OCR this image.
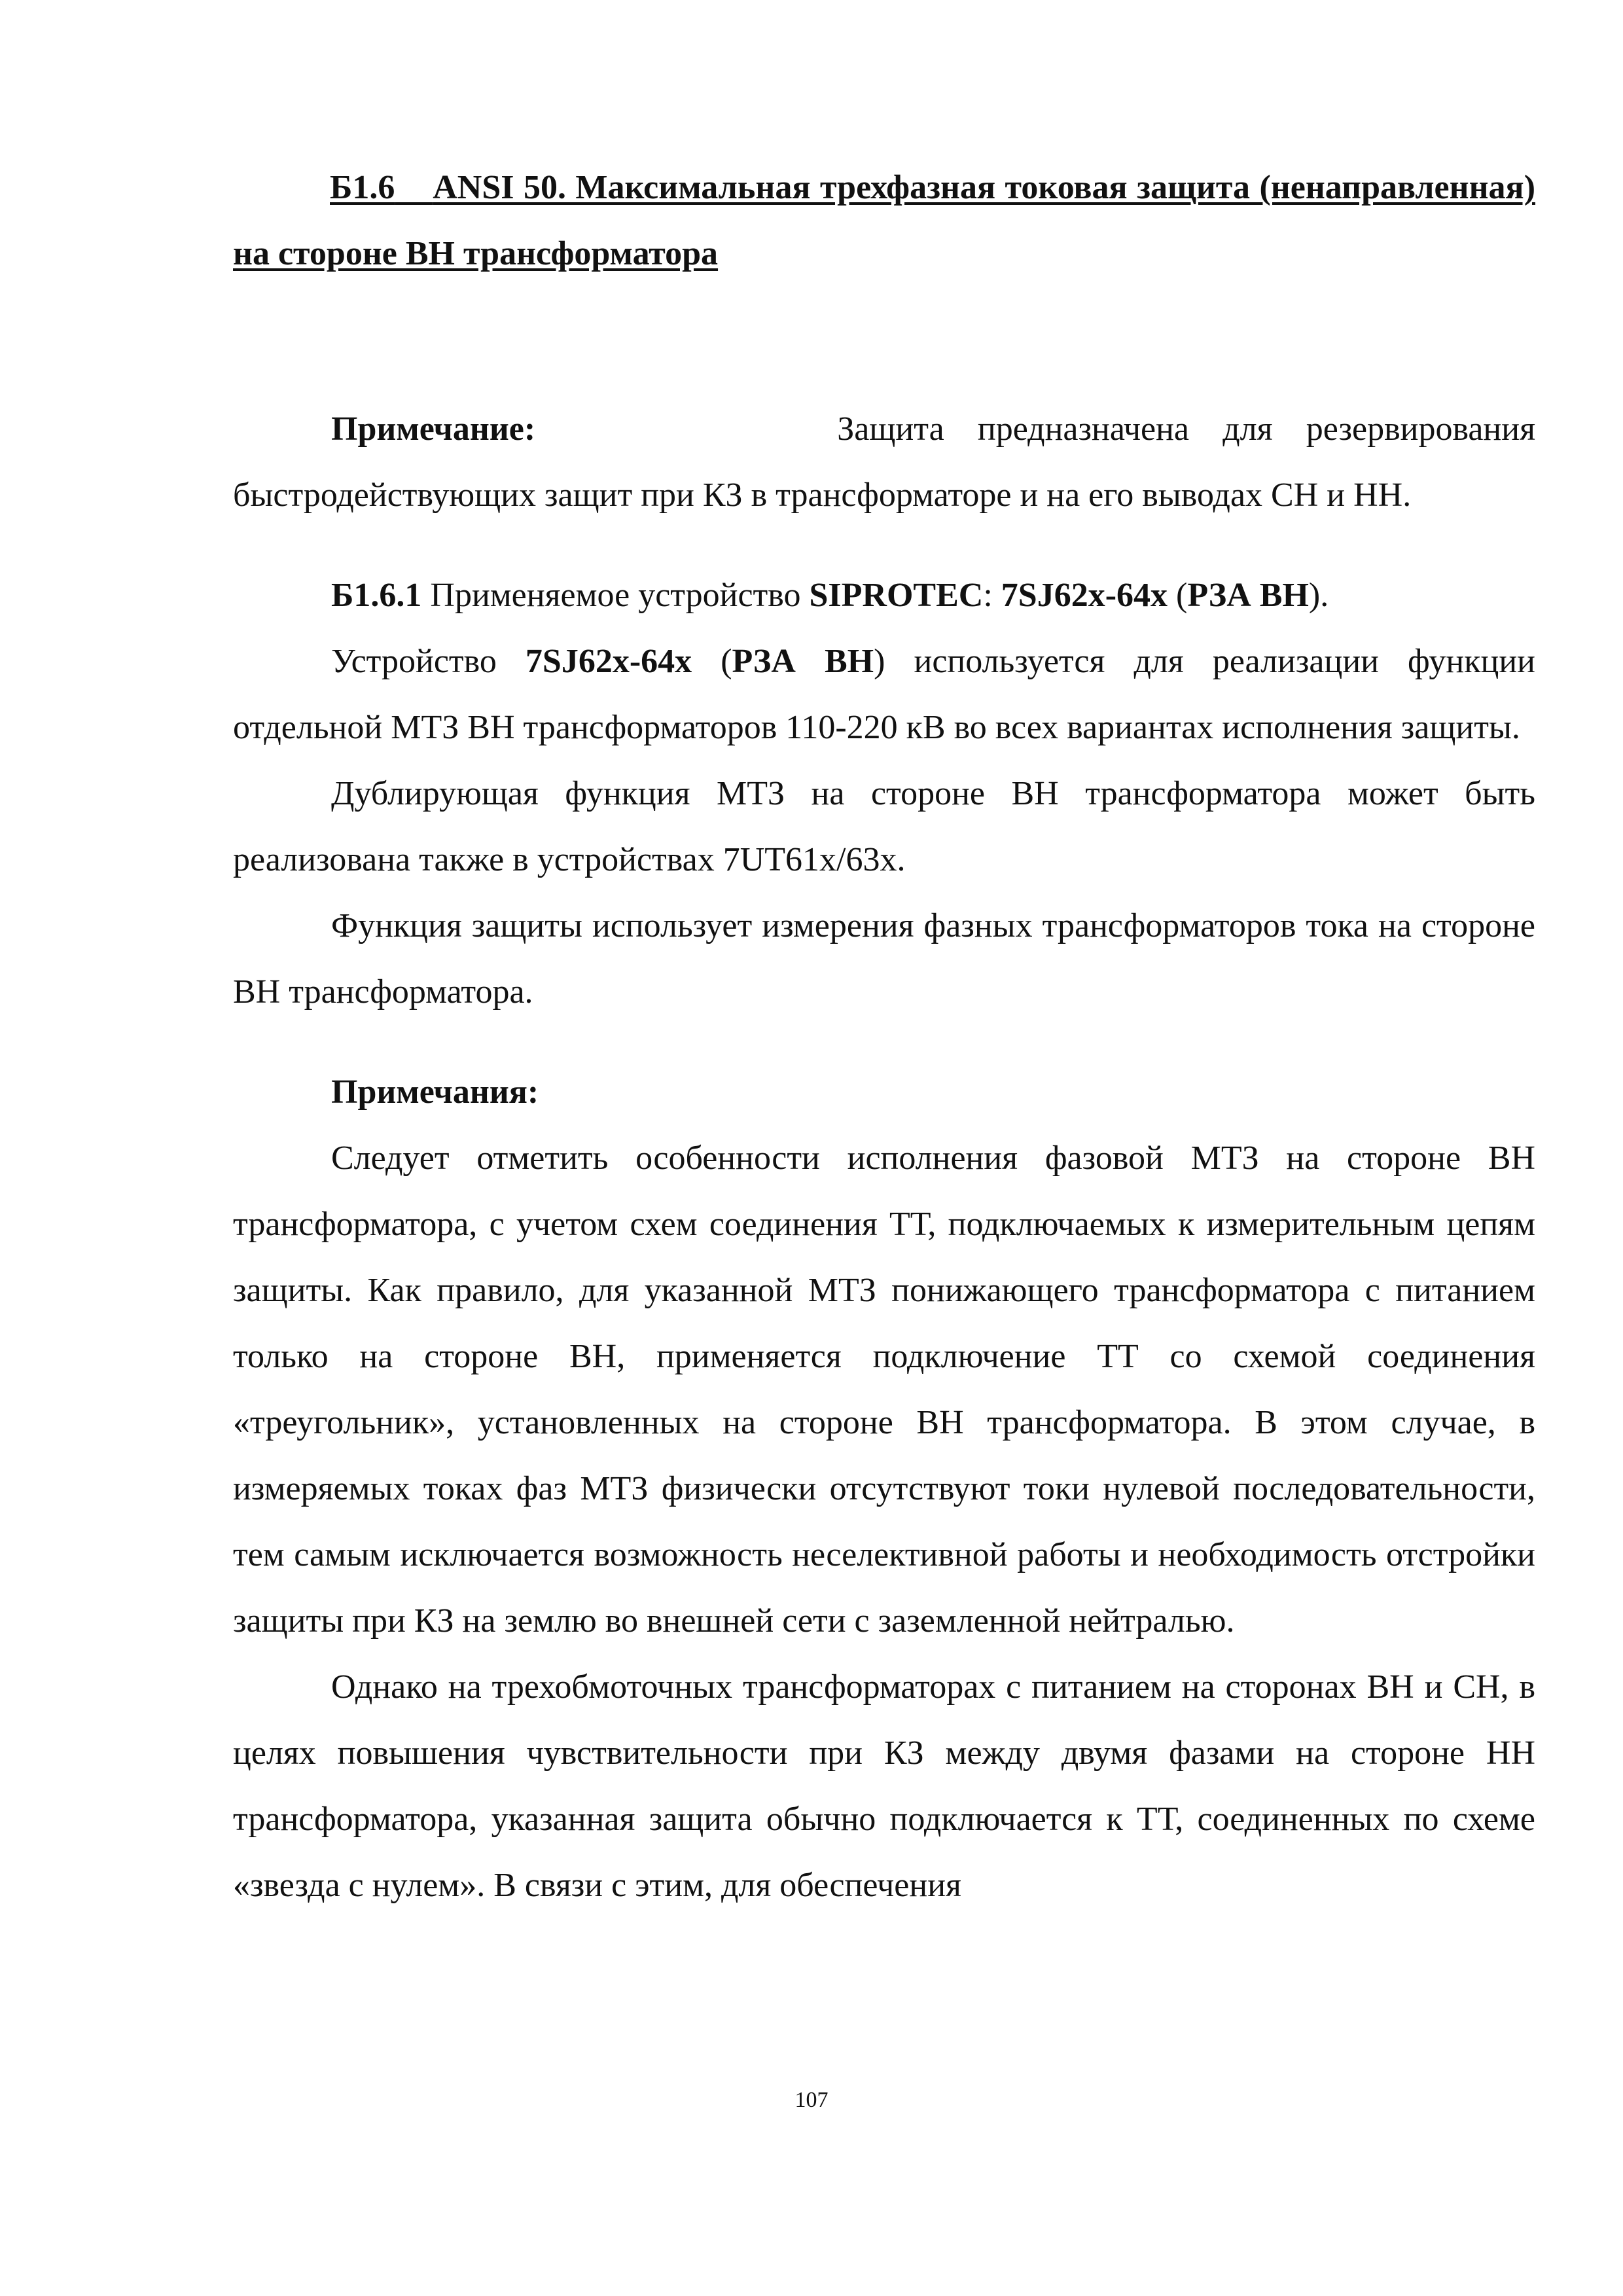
Б1.6 ANSI 50. Максимальная трехфазная токовая защита (ненаправленная) на стороне ВН трансформатора

Примечание:	Защита предназначена для резервирования быстродействующих защит при КЗ в трансформаторе и на его выводах СН и НН.

Б1.6.1 Применяемое устройство SIPROTEC: 7SJ62x-64x (РЗА ВН).

Устройство 7SJ62x-64x (РЗА ВН) используется для реализации функции отдельной МТЗ ВН трансформаторов 110-220 кВ во всех вариантах исполнения защиты.

Дублирующая функция МТЗ на стороне ВН трансформатора может быть реализована также в устройствах 7UT61x/63x.

Функция защиты использует измерения фазных трансформаторов тока на стороне ВН трансформатора.

Примечания:

Следует отметить особенности исполнения фазовой МТЗ на стороне ВН трансформатора, с учетом схем соединения ТТ, подключаемых к измерительным цепям защиты. Как правило, для указанной МТЗ понижающего трансформатора с питанием только на стороне ВН, применяется подключение ТТ со схемой соединения «треугольник», установленных на стороне ВН трансформатора. В этом случае, в измеряемых токах фаз МТЗ физически отсутствуют токи нулевой последовательности, тем самым исключается возможность неселективной работы и необходимость отстройки защиты при КЗ на землю во внешней сети с заземленной нейтралью.

Однако на трехобмоточных трансформаторах с питанием на сторонах ВН и СН, в целях повышения чувствительности при КЗ между двумя фазами на стороне НН трансформатора, указанная защита обычно подключается к ТТ, соединенных по схеме «звезда с нулем». В связи с этим, для обеспечения

107
